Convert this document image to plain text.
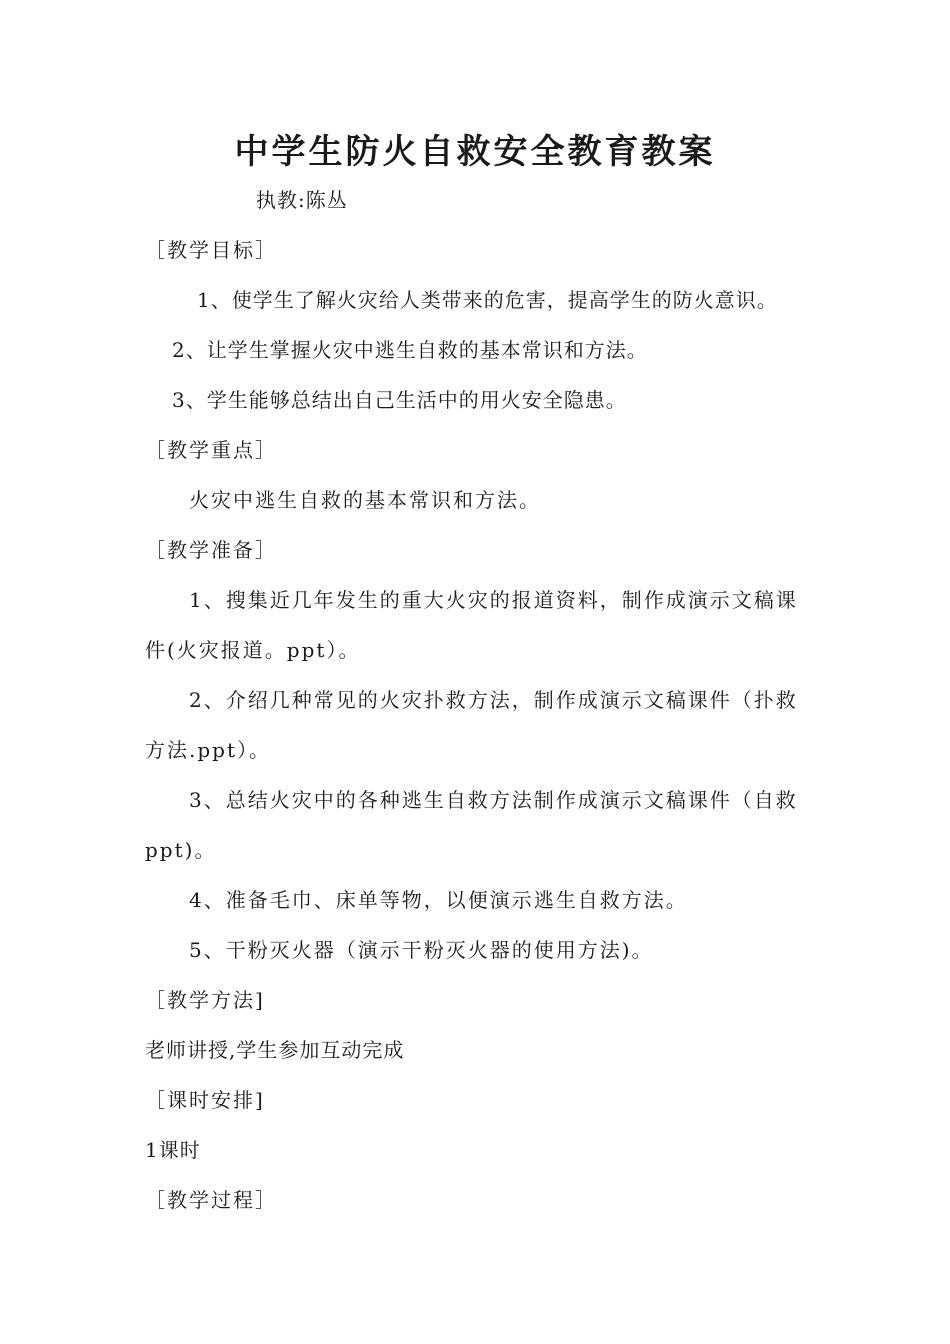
中学生防火自救安全教育教案
执教:陈丛
［教学目标］
1、使学生了解火灾给人类带来的危害，提高学生的防火意识。
2、让学生掌握火灾中逃生自救的基本常识和方法。
3、学生能够总结出自己生活中的用火安全隐患。
［教学重点］
火灾中逃生自救的基本常识和方法。
［教学准备］
1、搜集近几年发生的重大火灾的报道资料，制作成演示文稿课
件(火灾报道。ppt）。
2、介绍几种常见的火灾扑救方法，制作成演示文稿课件（扑救
方法.ppt）。
3、总结火灾中的各种逃生自救方法制作成演示文稿课件（自救
ppt)。
4、准备毛巾、床单等物，以便演示逃生自救方法。
5、干粉灭火器（演示干粉灭火器的使用方法)。
［教学方法]
老师讲授,学生参加互动完成
［课时安排]
1课时
［教学过程］
